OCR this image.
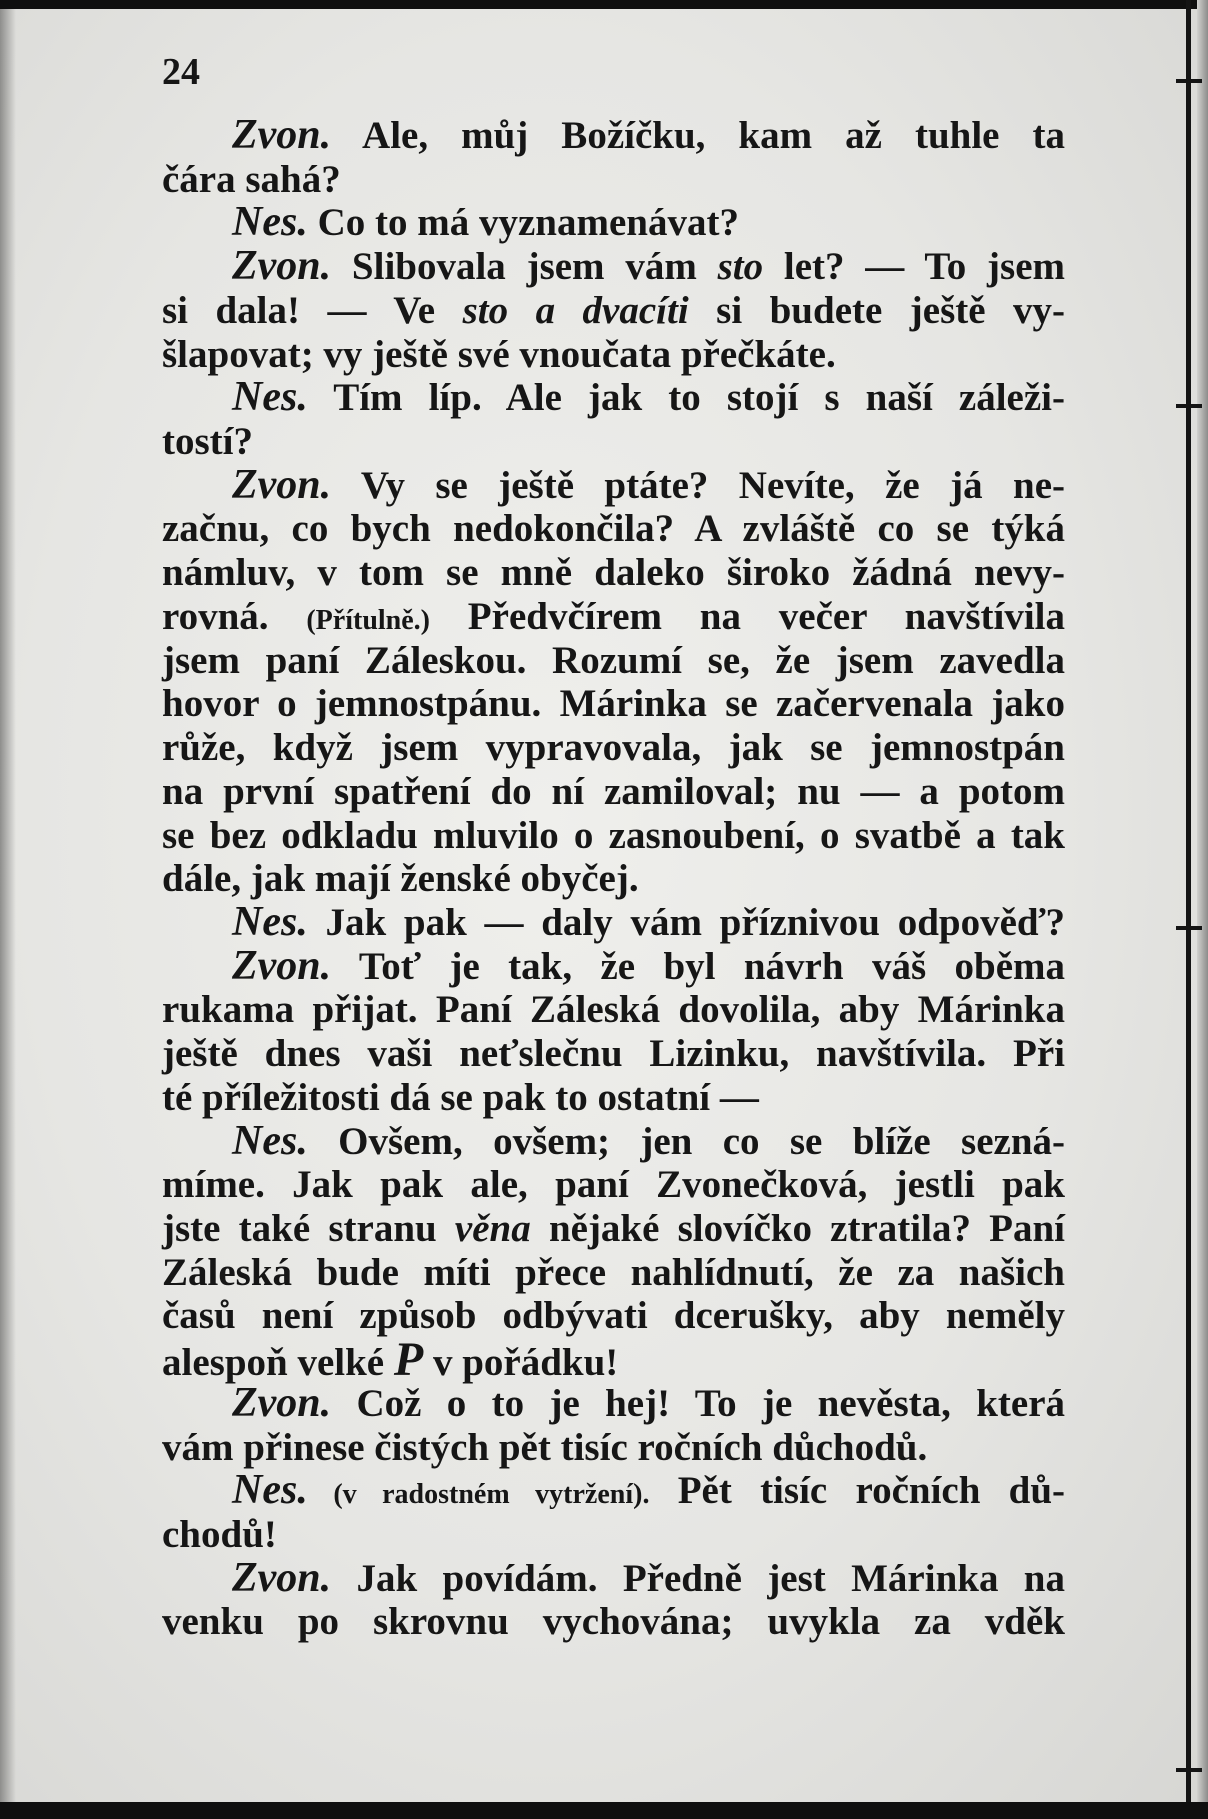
24
Zvon. Ale, můj Božíčku, kam až tuhle ta
čára sahá?
Nes. Co to má vyznamenávat?
Zvon. Slibovala jsem vám sto let? — To jsem
si dala! — Ve sto a dvacíti si budete ještě vy-
šlapovat; vy ještě své vnoučata přečkáte.
Nes. Tím líp. Ale jak to stojí s naší záleži-
tostí?
Zvon. Vy se ještě ptáte? Nevíte, že já ne-
začnu, co bych nedokončila? A zvláště co se týká
námluv, v tom se mně daleko široko žádná nevy-
rovná. (Přítulně.) Předvčírem na večer navštívila
jsem paní Záleskou. Rozumí se, že jsem zavedla
hovor o jemnostpánu. Márinka se začervenala jako
růže, když jsem vypravovala, jak se jemnostpán
na první spatření do ní zamiloval; nu — a potom
se bez odkladu mluvilo o zasnoubení, o svatbě a tak
dále, jak mají ženské obyčej.
Nes. Jak pak — daly vám příznivou odpověď?
Zvon. Toť je tak, že byl návrh váš oběma
rukama přijat. Paní Záleská dovolila, aby Márinka
ještě dnes vaši neťslečnu Lizinku, navštívila. Při
té příležitosti dá se pak to ostatní —
Nes. Ovšem, ovšem; jen co se blíže sezná-
míme. Jak pak ale, paní Zvonečková, jestli pak
jste také stranu věna nějaké slovíčko ztratila? Paní
Záleská bude míti přece nahlídnutí, že za našich
časů není způsob odbývati dcerušky, aby neměly
alespoň velké P v pořádku!
Zvon. Což o to je hej! To je nevěsta, která
vám přinese čistých pět tisíc ročních důchodů.
Nes. (v radostném vytržení). Pět tisíc ročních dů-
chodů!
Zvon. Jak povídám. Předně jest Márinka na
venku po skrovnu vychována; uvykla za vděk
